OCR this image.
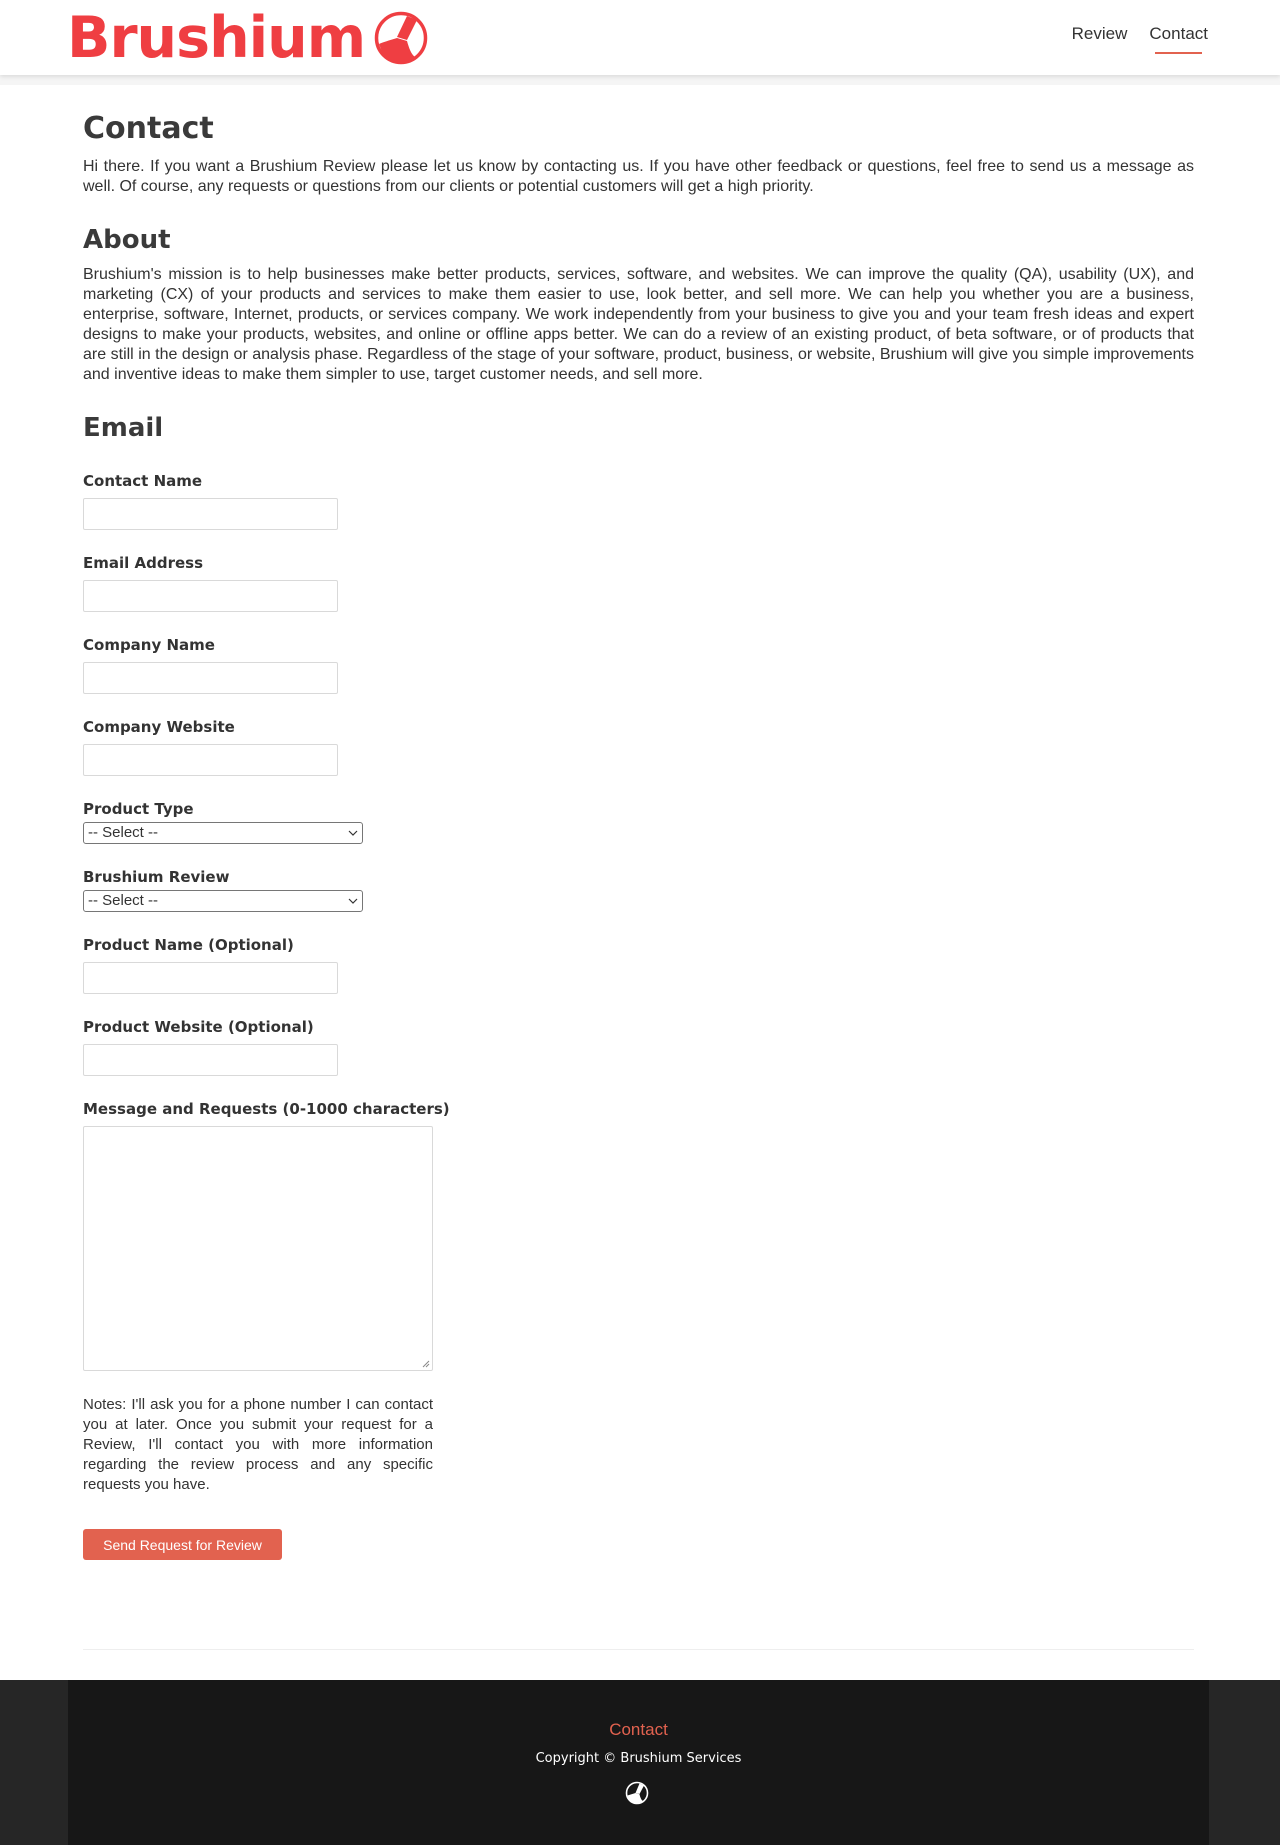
Brushium	Review Contact
Contact

Hi there. If you want a Brushium Review please let us know by contacting us. If you have other feedback or questions, feel free to send us a message as well. Of course, any requests or questions from our clients or potential customers will get a high priority.

About

Brushium's mission is to help businesses make better products, services, software, and websites. We can improve the quality (QA), usability (UX), and marketing (CX) of your products and services to make them easier to use, look better, and sell more. We can help you whether you are a business, enterprise, software, Internet, products, or services company. We work independently from your business to give you and your team fresh ideas and expert designs to make your products, websites, and online or offline apps better. We can do a review of an existing product, of beta software, or of products that are still in the design or analysis phase. Regardless of the stage of your software, product, business, or website, Brushium will give you simple improvements and inventive ideas to make them simpler to use, target customer needs, and sell more.

Email
Contact Name
Email Address
Company Name
Company Website
Product Type
-- Select --
Brushium Review
-- Select --
Product Name (Optional)
Product Website (Optional)
Message and Requests (0-1000 characters)

Notes: I'll ask you for a phone number I can contact you at later. Once you submit your request for a Review, I'll contact you with more information regarding the review process and any specific requests you have.

Send Request for Review
Contact
Copyright © Brushium Services
